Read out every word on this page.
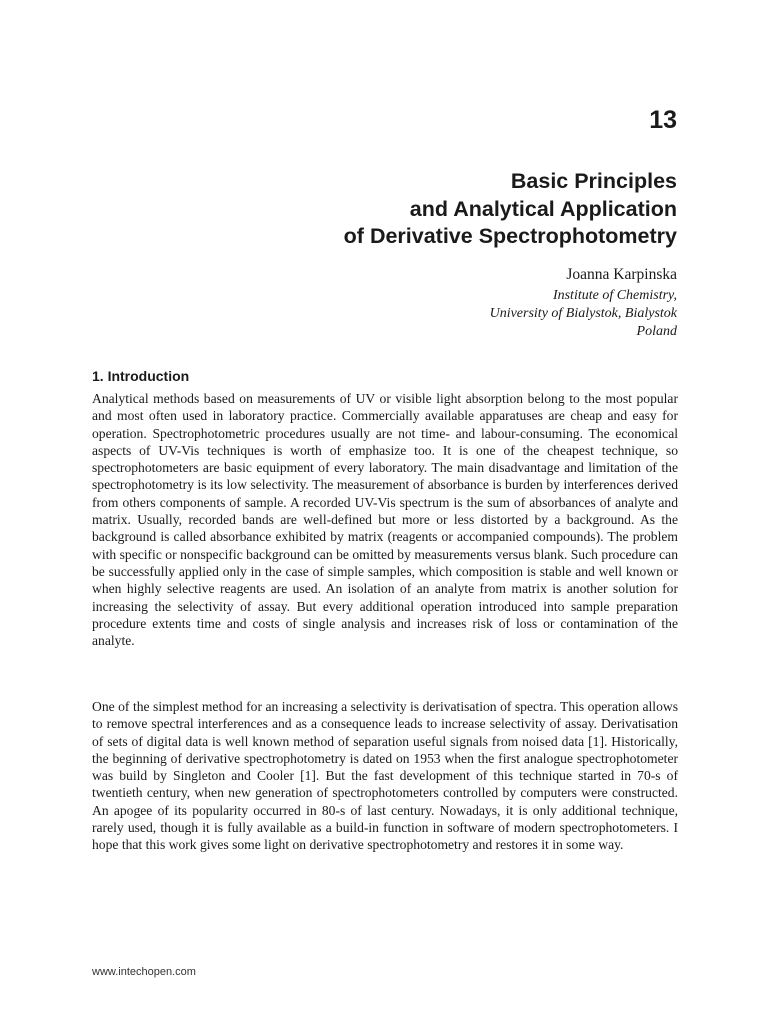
13
Basic Principles
and Analytical Application
of Derivative Spectrophotometry

Joanna Karpinska

Institute of Chemistry,

University of Bialystok, Bialystok

Poland

1. Introduction

Analytical methods based on measurements of UV or visible light absorption belong to the most popular and most often used in laboratory practice. Commercially available apparatuses are cheap and easy for operation. Spectrophotometric procedures usually are not time- and labour-consuming. The economical aspects of UV-Vis techniques is worth of emphasize too. It is one of the cheapest technique, so spectrophotometers are basic equipment of every laboratory. The main disadvantage and limitation of the spectrophotometry is its low selectivity. The measurement of absorbance is burden by interferences derived from others components of sample. A recorded UV-Vis spectrum is the sum of absorbances of analyte and matrix. Usually, recorded bands are well-defined but more or less distorted by a background. As the background is called absorbance exhibited by matrix (reagents or accompanied compounds). The problem with specific or nonspecific background can be omitted by measurements versus blank. Such procedure can be successfully applied only in the case of simple samples, which composition is stable and well known or when highly selective reagents are used. An isolation of an analyte from matrix is another solution for increasing the selectivity of assay. But every additional operation introduced into sample preparation procedure extents time and costs of single analysis and increases risk of loss or contamination of the analyte.

One of the simplest method for an increasing a selectivity is derivatisation of spectra. This operation allows to remove spectral interferences and as a consequence leads to increase selectivity of assay. Derivatisation of sets of digital data is well known method of separation useful signals from noised data [1]. Historically, the beginning of derivative spectrophotometry is dated on 1953 when the first analogue spectrophotometer was build by Singleton and Cooler [1]. But the fast development of this technique started in 70-s of twentieth century, when new generation of spectrophotometers controlled by computers were constructed. An apogee of its popularity occurred in 80-s of last century. Nowadays, it is only additional technique, rarely used, though it is fully available as a build-in function in software of modern spectrophotometers. I hope that this work gives some light on derivative spectrophotometry and restores it in some way.

www.intechopen.com
